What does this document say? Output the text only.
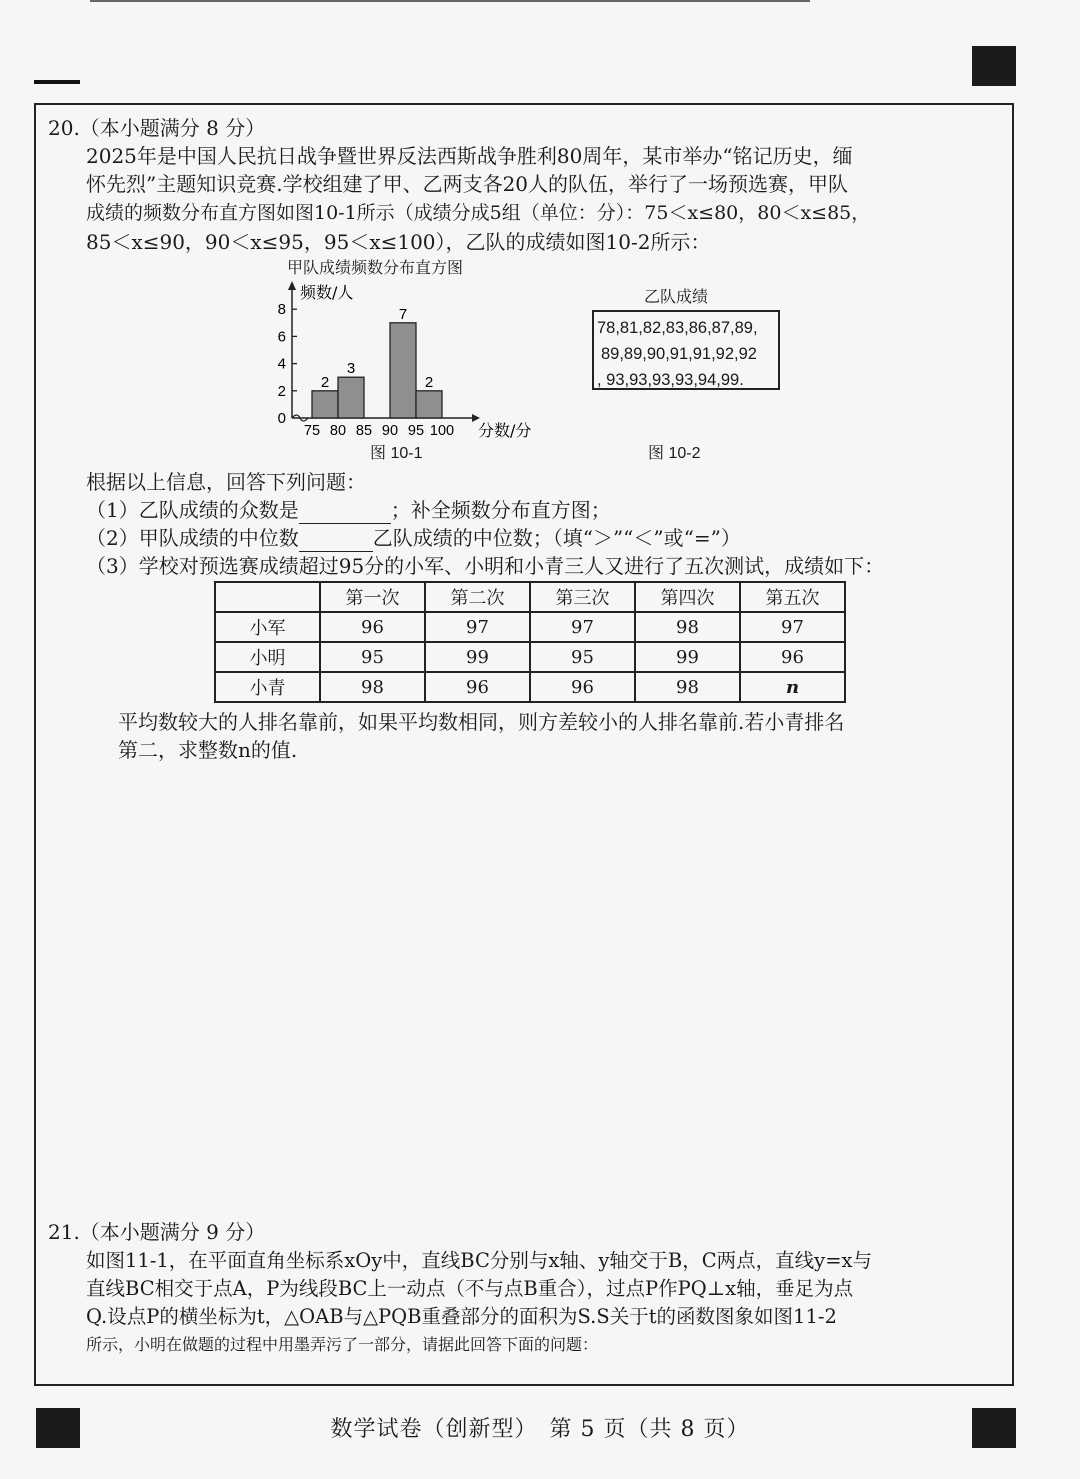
20.（本小题满分 8 分）
2025年是中国人民抗日战争暨世界反法西斯战争胜利80周年，某市举办“铭记历史，缅
怀先烈”主题知识竞赛.学校组建了甲、乙两支各20人的队伍，举行了一场预选赛，甲队
成绩的频数分布直方图如图10-1所示（成绩分成5组（单位：分）：75＜x≤80，80＜x≤85，
85＜x≤90，90＜x≤95，95＜x≤100），乙队的成绩如图10-2所示：
甲队成绩频数分布直方图
0
2
4
6
8
75 80 85 90 95 100
2
3
7
2
频数/人
分数/分
图 10-1
乙队成绩
78,81,82,83,86,87,89,
89,89,90,91,91,92,92
, 93,93,93,93,94,99.
图 10-2
根据以上信息，回答下列问题：
（1）乙队成绩的众数是	；补全频数分布直方图；
（2）甲队成绩的中位数	乙队成绩的中位数；（填“＞”“＜”或“=”）
（3）学校对预选赛成绩超过95分的小军、小明和小青三人又进行了五次测试，成绩如下：
	第一次	第二次	第三次	第四次	第五次
小军	96	97	97	98	97
小明	95	99	95	99	96
小青	98	96	96	98	n
平均数较大的人排名靠前，如果平均数相同，则方差较小的人排名靠前.若小青排名
第二，求整数n的值.
21.（本小题满分 9 分）
如图11-1，在平面直角坐标系xOy中，直线BC分别与x轴、y轴交于B，C两点，直线y=x与
直线BC相交于点A，P为线段BC上一动点（不与点B重合），过点P作PQ⊥x轴，垂足为点
Q.设点P的横坐标为t，△OAB与△PQB重叠部分的面积为S.S关于t的函数图象如图11-2
所示，小明在做题的过程中用墨弄污了一部分，请据此回答下面的问题：
数学试卷（创新型）　第 5 页（共 8 页）
